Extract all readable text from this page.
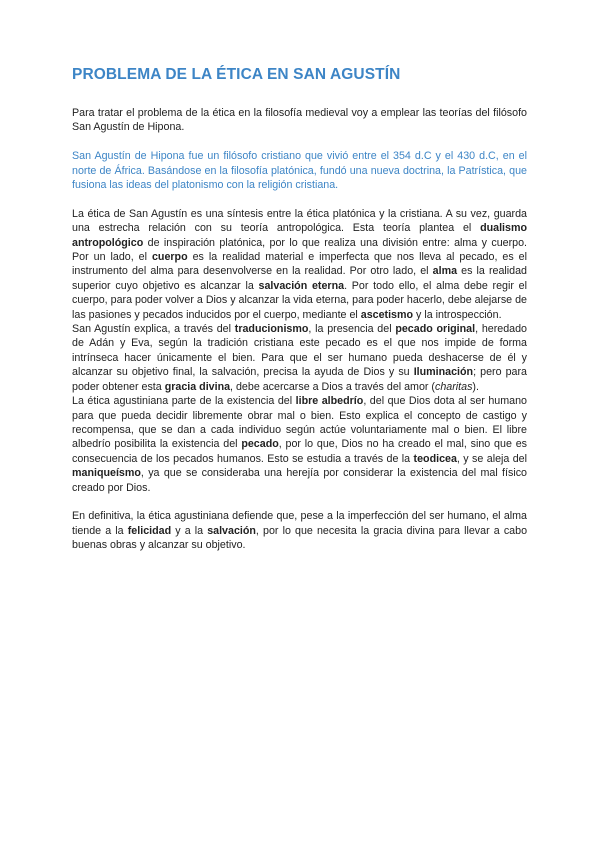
PROBLEMA DE LA ÉTICA EN SAN AGUSTÍN

Para tratar el problema de la ética en la filosofía medieval voy a emplear las teorías del filósofo San Agustín de Hipona.

San Agustín de Hipona fue un filósofo cristiano que vivió entre el 354 d.C y el 430 d.C, en el norte de África. Basándose en la filosofía platónica, fundó una nueva doctrina, la Patrística, que fusiona las ideas del platonismo con la religión cristiana.

La ética de San Agustín es una síntesis entre la ética platónica y la cristiana. A su vez, guarda una estrecha relación con su teoría antropológica. Esta teoría plantea el dualismo antropológico de inspiración platónica, por lo que realiza una división entre: alma y cuerpo. Por un lado, el cuerpo es la realidad material e imperfecta que nos lleva al pecado, es el instrumento del alma para desenvolverse en la realidad. Por otro lado, el alma es la realidad superior cuyo objetivo es alcanzar la salvación eterna. Por todo ello, el alma debe regir el cuerpo, para poder volver a Dios y alcanzar la vida eterna, para poder hacerlo, debe alejarse de las pasiones y pecados inducidos por el cuerpo, mediante el ascetismo y la introspección.

San Agustín explica, a través del traducionismo, la presencia del pecado original, heredado de Adán y Eva, según la tradición cristiana este pecado es el que nos impide de forma intrínseca hacer únicamente el bien. Para que el ser humano pueda deshacerse de él y alcanzar su objetivo final, la salvación, precisa la ayuda de Dios y su Iluminación; pero para poder obtener esta gracia divina, debe acercarse a Dios a través del amor (charitas).

La ética agustiniana parte de la existencia del libre albedrío, del que Dios dota al ser humano para que pueda decidir libremente obrar mal o bien. Esto explica el concepto de castigo y recompensa, que se dan a cada individuo según actúe voluntariamente mal o bien. El libre albedrío posibilita la existencia del pecado, por lo que, Dios no ha creado el mal, sino que es consecuencia de los pecados humanos. Esto se estudia a través de la teodicea, y se aleja del maniqueísmo, ya que se consideraba una herejía por considerar la existencia del mal físico creado por Dios.

En definitiva, la ética agustiniana defiende que, pese a la imperfección del ser humano, el alma tiende a la felicidad y a la salvación, por lo que necesita la gracia divina para llevar a cabo buenas obras y alcanzar su objetivo.
